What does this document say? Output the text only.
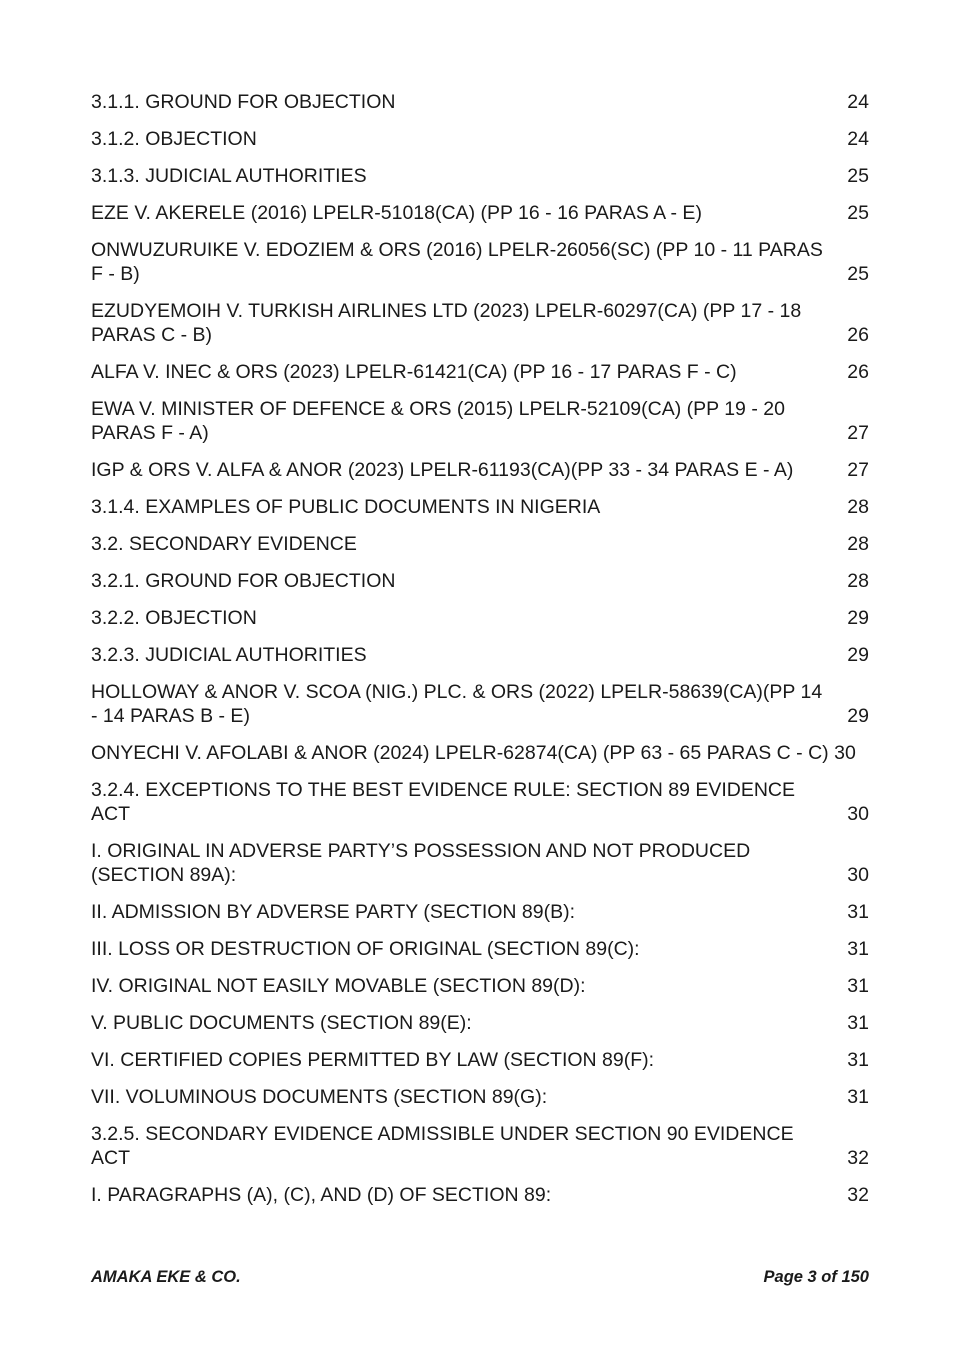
3.1.1. GROUND FOR OBJECTION	24
3.1.2. OBJECTION	24
3.1.3. JUDICIAL AUTHORITIES	25
EZE V. AKERELE (2016) LPELR-51018(CA) (PP 16 - 16 PARAS A - E)	25
ONWUZURUIKE V. EDOZIEM & ORS (2016) LPELR-26056(SC) (PP 10 - 11 PARAS F - B)	25
EZUDYEMOIH V. TURKISH AIRLINES LTD (2023) LPELR-60297(CA) (PP 17 - 18 PARAS C - B)	26
ALFA V. INEC & ORS (2023) LPELR-61421(CA) (PP 16 - 17 PARAS F - C)	26
EWA V. MINISTER OF DEFENCE & ORS (2015) LPELR-52109(CA) (PP 19 - 20 PARAS F - A)	27
IGP & ORS V. ALFA & ANOR (2023) LPELR-61193(CA)(PP 33 - 34 PARAS E - A)	27
3.1.4. EXAMPLES OF PUBLIC DOCUMENTS IN NIGERIA	28
3.2. SECONDARY EVIDENCE	28
3.2.1. GROUND FOR OBJECTION	28
3.2.2. OBJECTION	29
3.2.3. JUDICIAL AUTHORITIES	29
HOLLOWAY & ANOR V. SCOA (NIG.) PLC. & ORS (2022) LPELR-58639(CA)(PP 14 - 14 PARAS B - E)	29
ONYECHI V. AFOLABI & ANOR (2024) LPELR-62874(CA) (PP 63 - 65 PARAS C - C) 30
3.2.4. EXCEPTIONS TO THE BEST EVIDENCE RULE: SECTION 89 EVIDENCE ACT	30
I. ORIGINAL IN ADVERSE PARTY’S POSSESSION AND NOT PRODUCED (SECTION 89A):	30
II. ADMISSION BY ADVERSE PARTY (SECTION 89(B):	31
III. LOSS OR DESTRUCTION OF ORIGINAL (SECTION 89(C):	31
IV. ORIGINAL NOT EASILY MOVABLE (SECTION 89(D):	31
V. PUBLIC DOCUMENTS (SECTION 89(E):	31
VI. CERTIFIED COPIES PERMITTED BY LAW (SECTION 89(F):	31
VII. VOLUMINOUS DOCUMENTS (SECTION 89(G):	31
3.2.5. SECONDARY EVIDENCE ADMISSIBLE UNDER SECTION 90 EVIDENCE ACT	32
I. PARAGRAPHS (A), (C), AND (D) OF SECTION 89:	32
AMAKA EKE & CO.	Page 3 of 150
